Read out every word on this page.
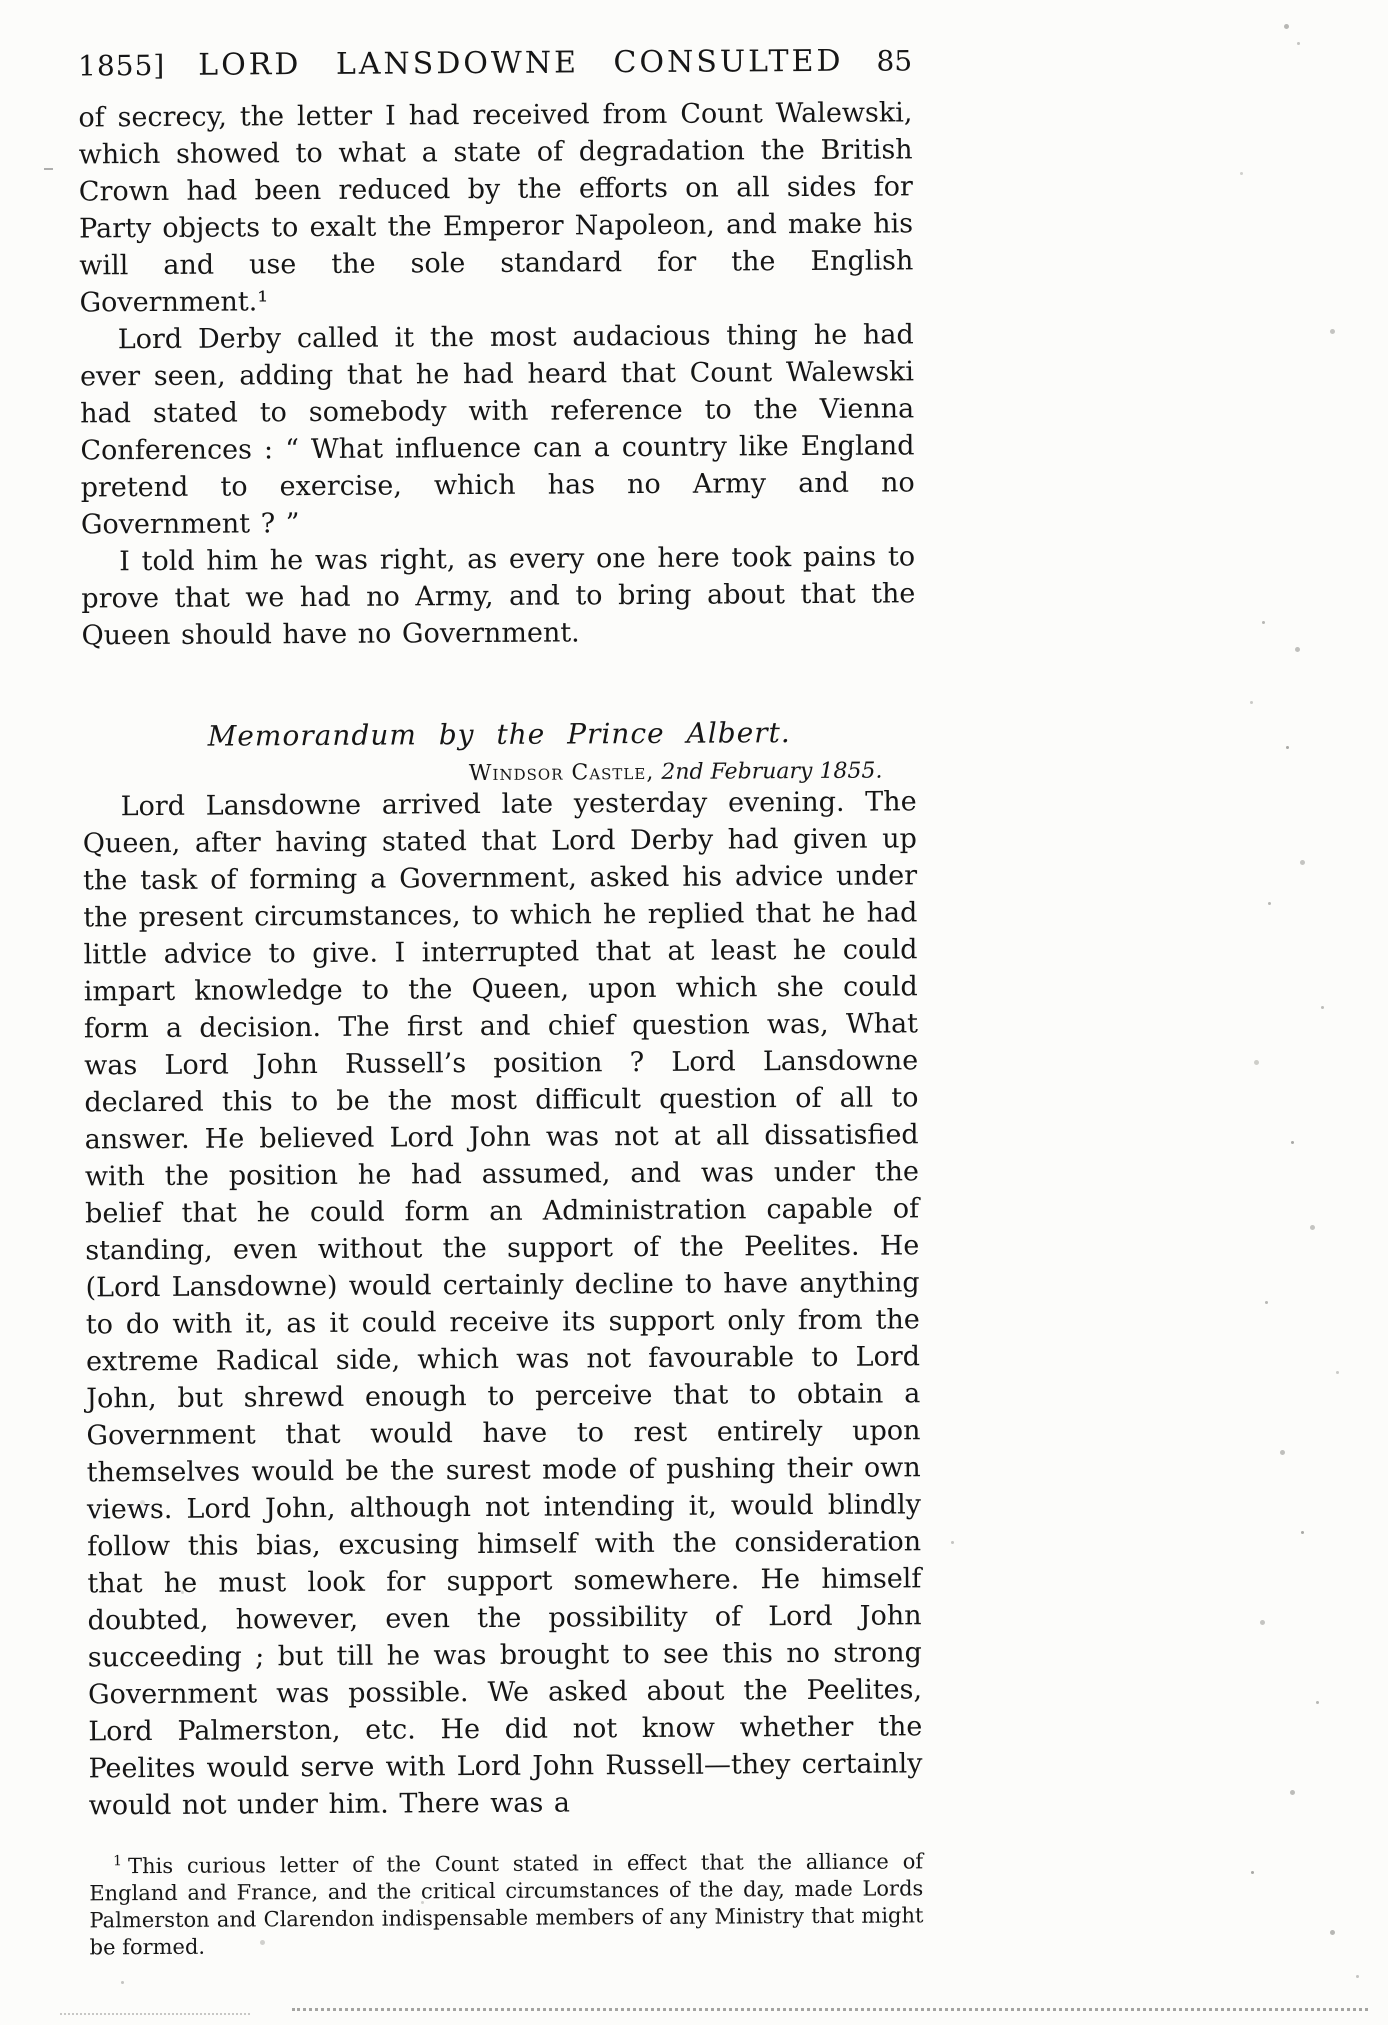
1855]	LORD LANSDOWNE CONSULTED	85

of secrecy, the letter I had received from Count Walewski, which showed to what a state of degradation the British Crown had been reduced by the efforts on all sides for Party objects to exalt the Emperor Napoleon, and make his will and use the sole standard for the English Government.¹

Lord Derby called it the most audacious thing he had ever seen, adding that he had heard that Count Walewski had stated to somebody with reference to the Vienna Conferences : “ What influence can a country like England pretend to exercise, which has no Army and no Government ? ”

I told him he was right, as every one here took pains to prove that we had no Army, and to bring about that the Queen should have no Government.

Memorandum by the Prince Albert.
Windsor Castle, 2nd February 1855.

Lord Lansdowne arrived late yesterday evening. The Queen, after having stated that Lord Derby had given up the task of forming a Government, asked his advice under the present circumstances, to which he replied that he had little advice to give. I interrupted that at least he could impart knowledge to the Queen, upon which she could form a decision. The first and chief question was, What was Lord John Russell’s position ? Lord Lansdowne declared this to be the most difficult question of all to answer. He believed Lord John was not at all dissatisfied with the position he had assumed, and was under the belief that he could form an Administration capable of standing, even without the support of the Peelites. He (Lord Lansdowne) would certainly decline to have anything to do with it, as it could receive its support only from the extreme Radical side, which was not favourable to Lord John, but shrewd enough to perceive that to obtain a Government that would have to rest entirely upon themselves would be the surest mode of pushing their own views. Lord John, although not intending it, would blindly follow this bias, excusing himself with the consideration that he must look for support somewhere. He himself doubted, however, even the possibility of Lord John succeeding ; but till he was brought to see this no strong Government was possible. We asked about the Peelites, Lord Palmerston, etc. He did not know whether the Peelites would serve with Lord John Russell—they certainly would not under him. There was a

$^1$ This curious letter of the Count stated in effect that the alliance of England and France, and the critical circumstances of the day, made Lords Palmerston and Clarendon indispensable members of any Ministry that might be formed.
